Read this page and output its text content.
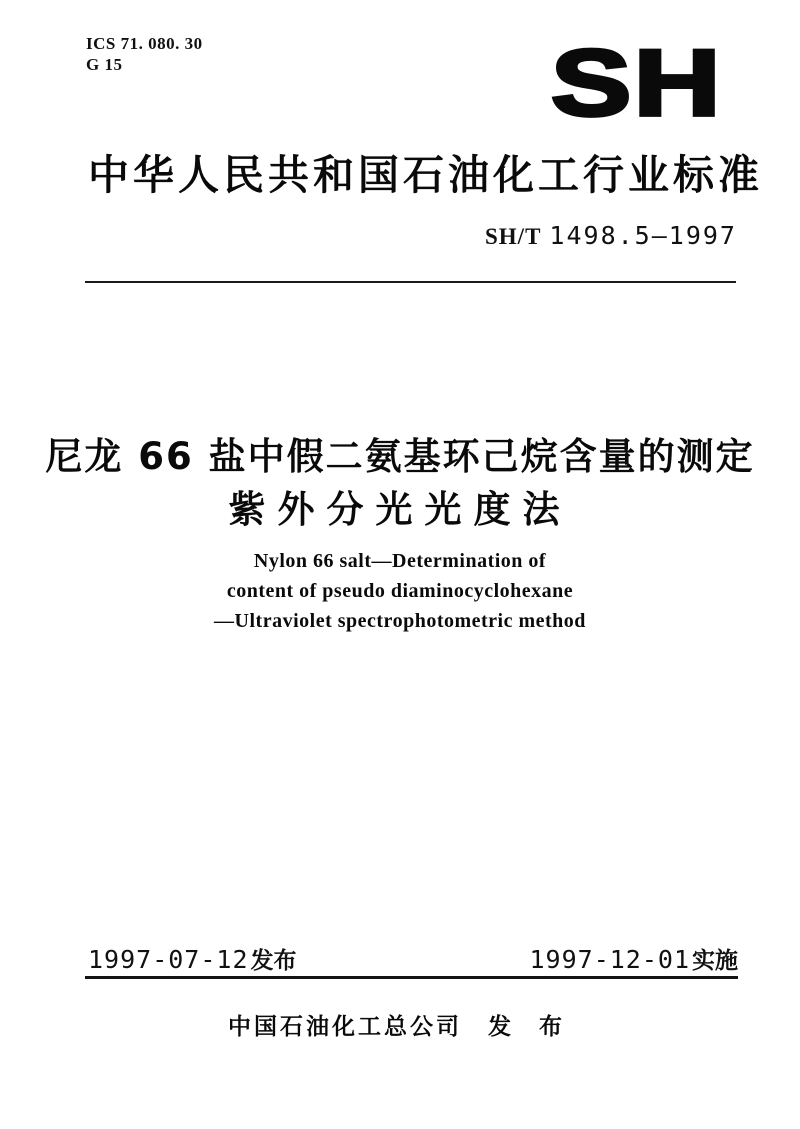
ICS 71. 080. 30
G 15	SH
中华人民共和国石油化工行业标准
SH/T 1498.5—1997
尼龙 66 盐中假二氨基环己烷含量的测定
紫外分光光度法
Nylon 66 salt—Determination of
content of pseudo diaminocyclohexane
—Ultraviolet spectrophotometric method
1997-07-12发布	1997-12-01实施
中国石油化工总公司 发 布
